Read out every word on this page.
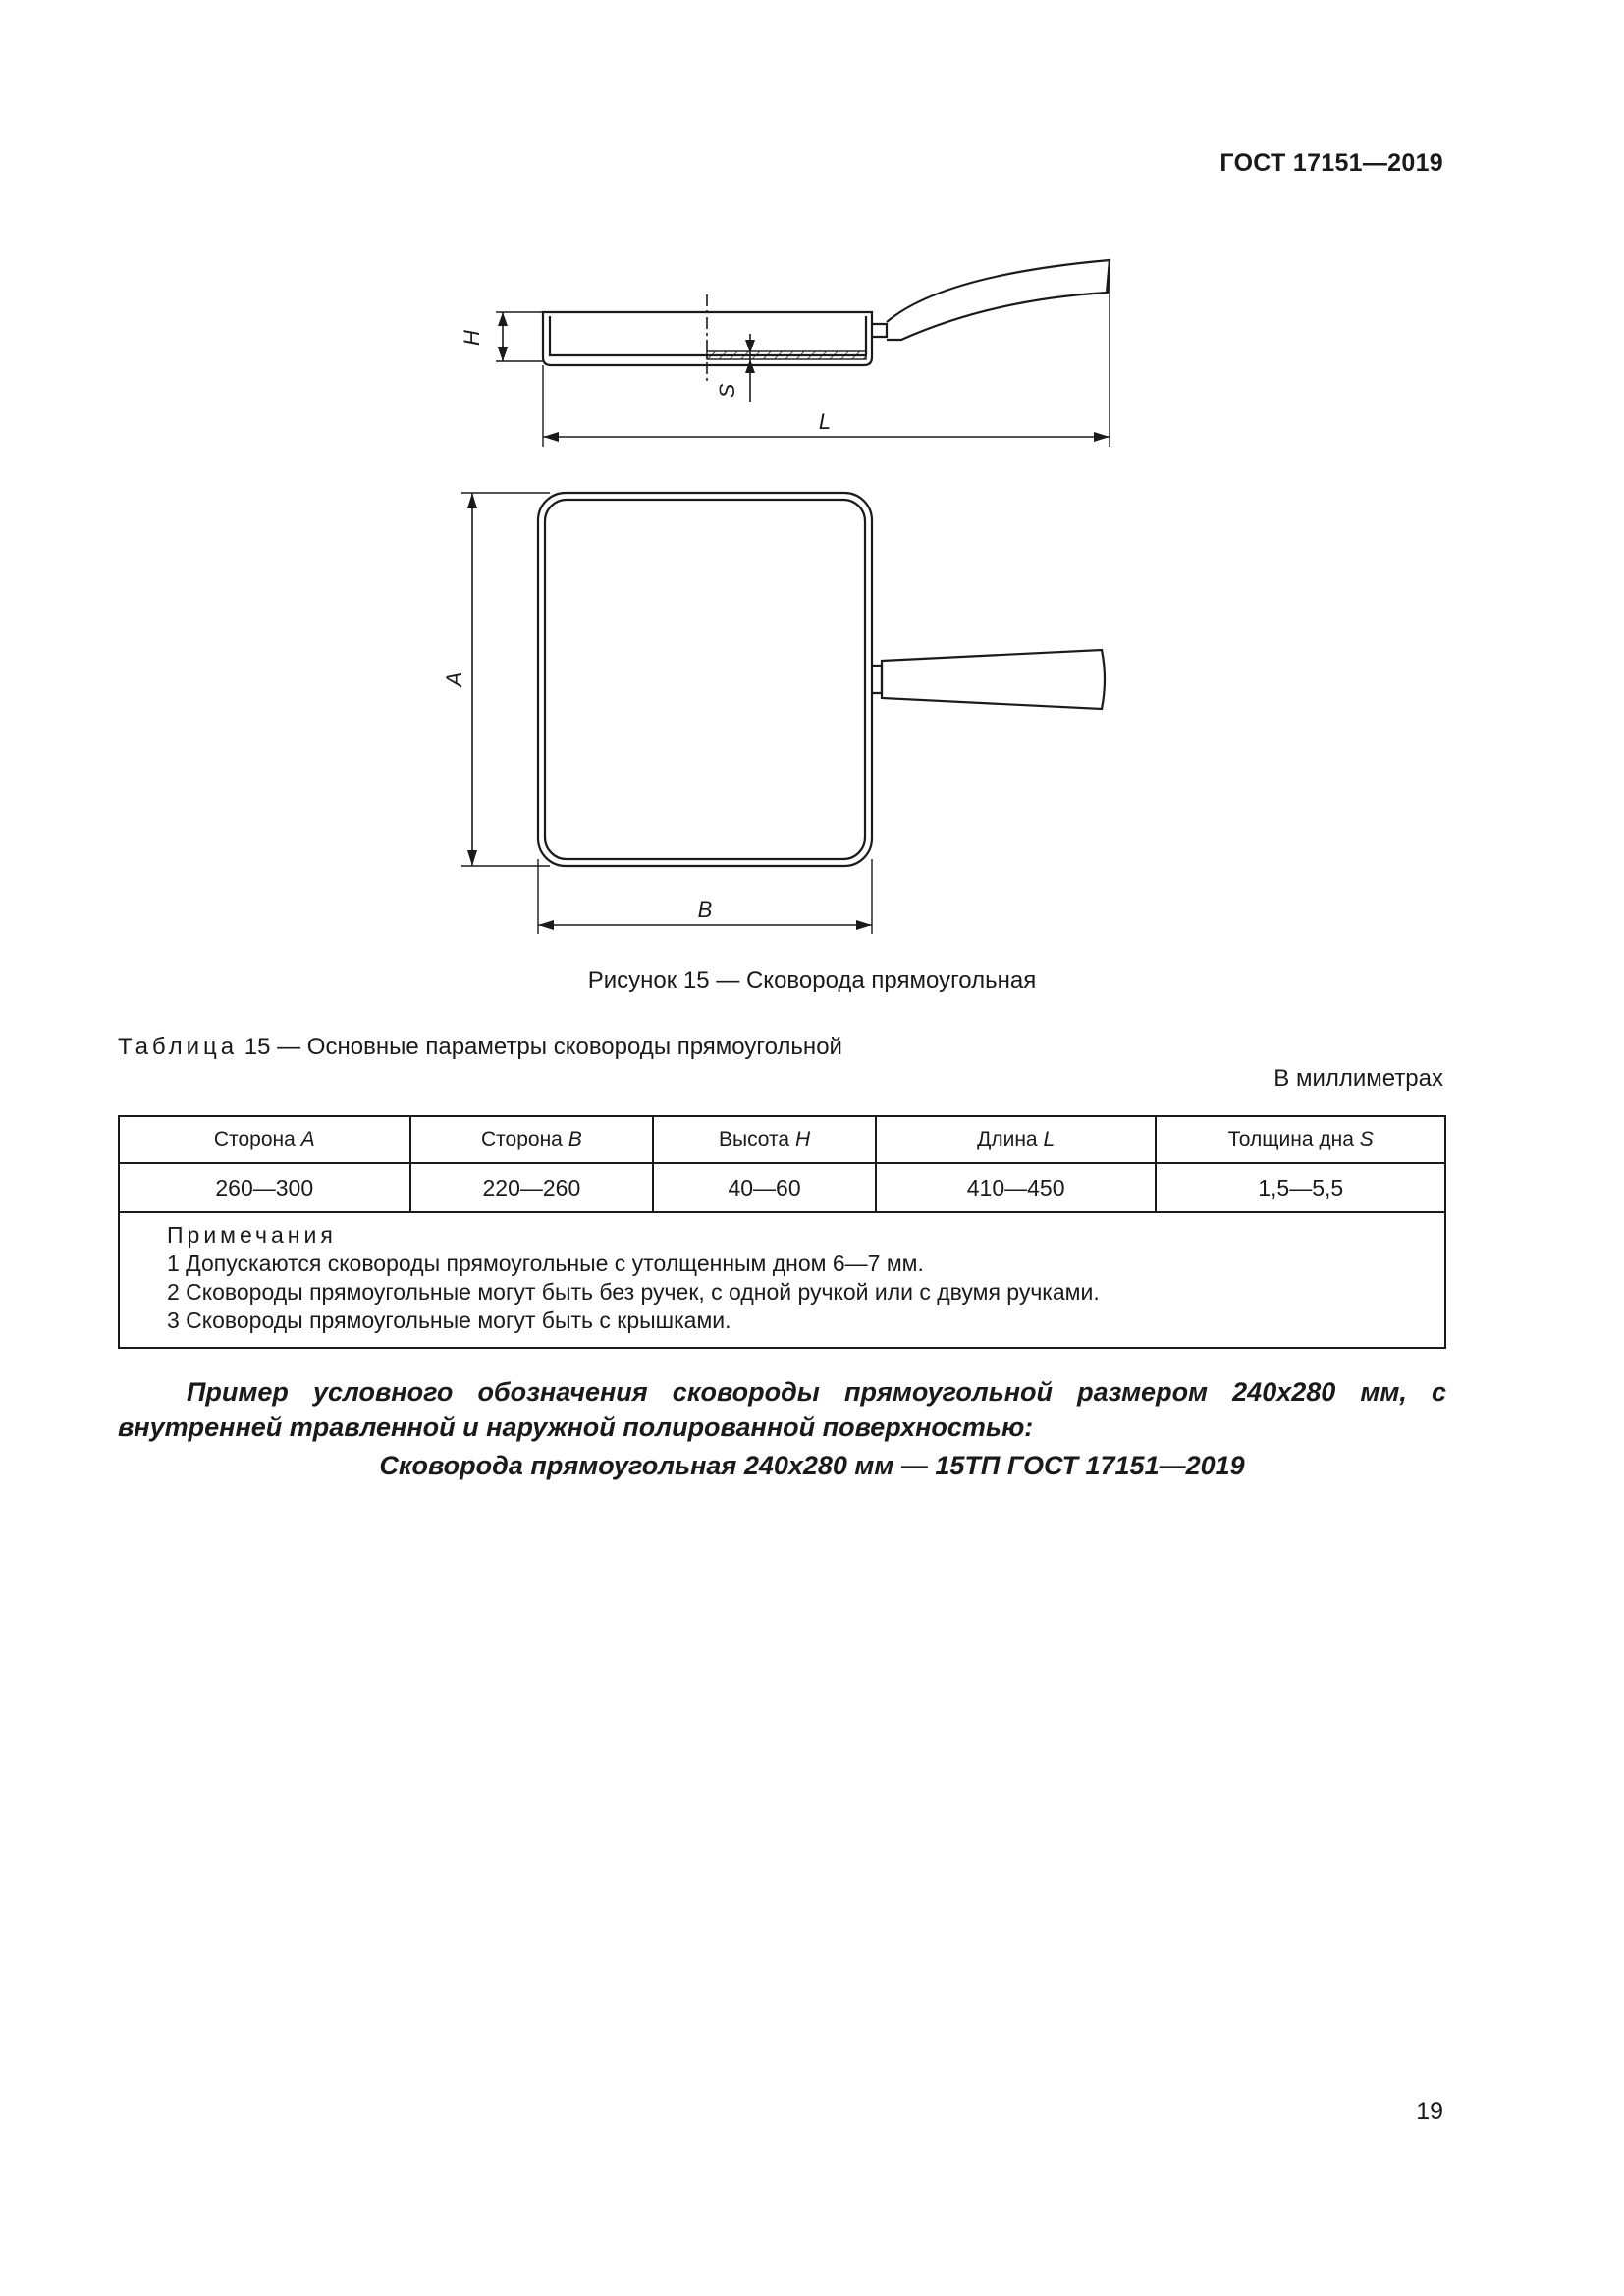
ГОСТ 17151—2019
H
S
L
A
B
Рисунок 15 — Сковорода прямоугольная
Таблица 15 — Основные параметры сковороды прямоугольной
В миллиметрах
Сторона A	Сторона B	Высота H	Длина L	Толщина дна S
260—300	220—260	40—60	410—450	1,5—5,5

Примечания
1 Допускаются сковороды прямоугольные с утолщенным дном 6—7 мм.
2 Сковороды прямоугольные могут быть без ручек, с одной ручкой или с двумя ручками.
3 Сковороды прямоугольные могут быть с крышками.				
Пример условного обозначения сковороды прямоугольной размером 240х280 мм, с внутренней травленной и наружной полированной поверхностью:
Сковорода прямоугольная 240х280 мм — 15ТП ГОСТ 17151—2019
19
